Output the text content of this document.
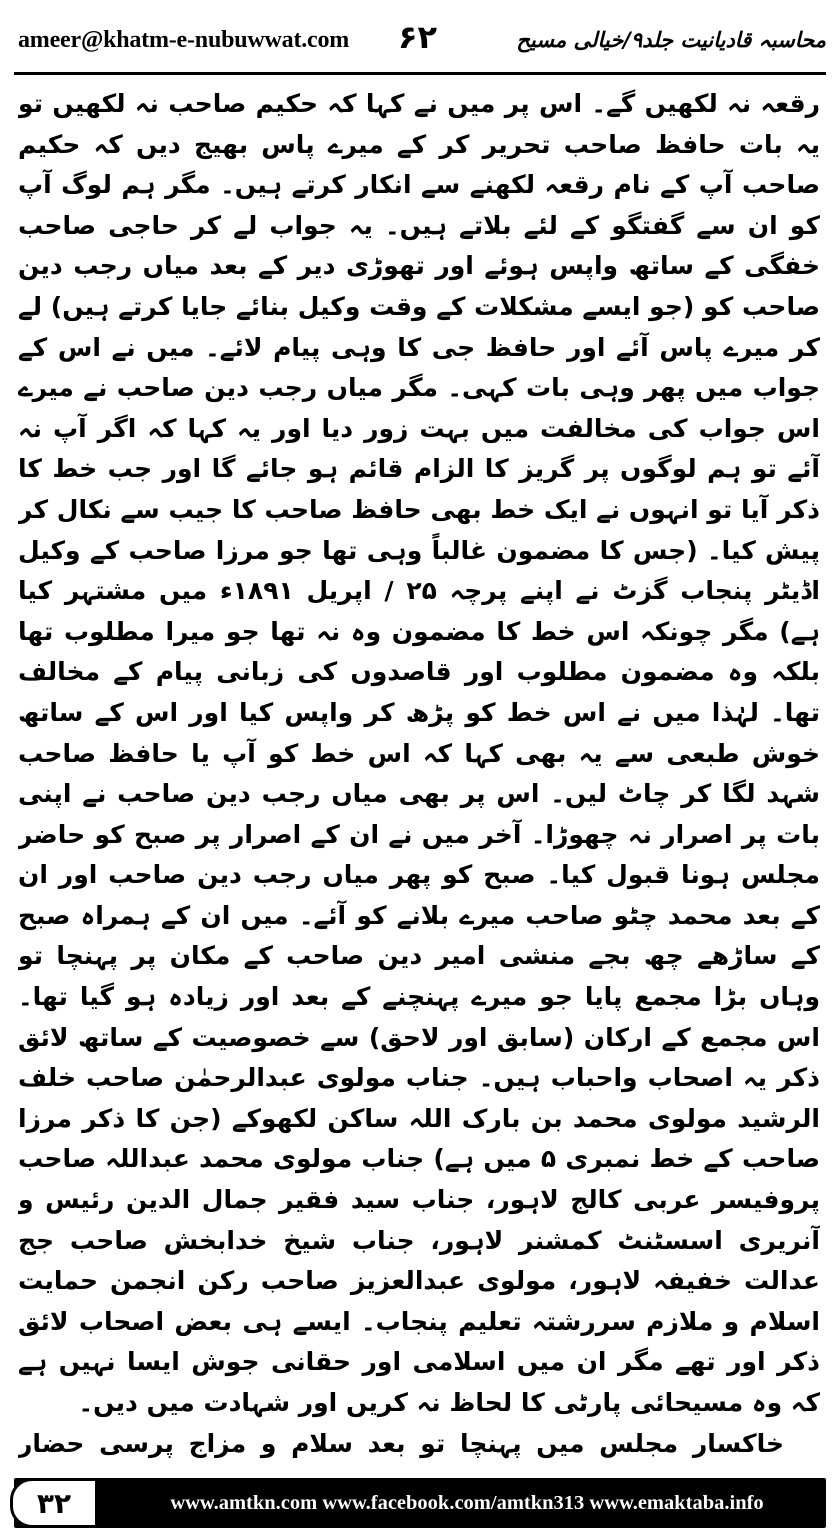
ameer@khatm-e-nubuwwat.com ۶۲	محاسبہ قادیانیت جلد۹/خیالی مسیح

رقعہ نہ لکھیں گے۔ اس پر میں نے کہا کہ حکیم صاحب نہ لکھیں تو یہ بات حافظ صاحب تحریر کر کے میرے پاس بھیج دیں کہ حکیم صاحب آپ کے نام رقعہ لکھنے سے انکار کرتے ہیں۔ مگر ہم لوگ آپ کو ان سے گفتگو کے لئے بلاتے ہیں۔ یہ جواب لے کر حاجی صاحب خفگی کے ساتھ واپس ہوئے اور تھوڑی دیر کے بعد میاں رجب دین صاحب کو (جو ایسے مشکلات کے وقت وکیل بنائے جایا کرتے ہیں) لے کر میرے پاس آئے اور حافظ جی کا وہی پیام لائے۔ میں نے اس کے جواب میں پھر وہی بات کہی۔ مگر میاں رجب دین صاحب نے میرے اس جواب کی مخالفت میں بہت زور دیا اور یہ کہا کہ اگر آپ نہ آئے تو ہم لوگوں پر گریز کا الزام قائم ہو جائے گا اور جب خط کا ذکر آیا تو انہوں نے ایک خط بھی حافظ صاحب کا جیب سے نکال کر پیش کیا۔ (جس کا مضمون غالباً وہی تھا جو مرزا صاحب کے وکیل اڈیٹر پنجاب گزٹ نے اپنے پرچہ ۲۵ / اپریل ۱۸۹۱ء میں مشتہر کیا ہے) مگر چونکہ اس خط کا مضمون وہ نہ تھا جو میرا مطلوب تھا بلکہ وہ مضمون مطلوب اور قاصدوں کی زبانی پیام کے مخالف تھا۔ لہٰذا میں نے اس خط کو پڑھ کر واپس کیا اور اس کے ساتھ خوش طبعی سے یہ بھی کہا کہ اس خط کو آپ یا حافظ صاحب شہد لگا کر چاٹ لیں۔ اس پر بھی میاں رجب دین صاحب نے اپنی بات پر اصرار نہ چھوڑا۔ آخر میں نے ان کے اصرار پر صبح کو حاضر مجلس ہونا قبول کیا۔ صبح کو پھر میاں رجب دین صاحب اور ان کے بعد محمد چٹو صاحب میرے بلانے کو آئے۔ میں ان کے ہمراہ صبح کے ساڑھے چھ بجے منشی امیر دین صاحب کے مکان پر پہنچا تو وہاں بڑا مجمع پایا جو میرے پہنچنے کے بعد اور زیادہ ہو گیا تھا۔ اس مجمع کے ارکان (سابق اور لاحق) سے خصوصیت کے ساتھ لائق ذکر یہ اصحاب واحباب ہیں۔ جناب مولوی عبدالرحمٰن صاحب خلف الرشید مولوی محمد بن بارک اللہ ساکن لکھوکے (جن کا ذکر مرزا صاحب کے خط نمبری ۵ میں ہے) جناب مولوی محمد عبداللہ صاحب پروفیسر عربی کالج لاہور، جناب سید فقیر جمال الدین رئیس و آنریری اسسٹنٹ کمشنر لاہور، جناب شیخ خدابخش صاحب جج عدالت خفیفہ لاہور، مولوی عبدالعزیز صاحب رکن انجمن حمایت اسلام و ملازم سررشتہ تعلیم پنجاب۔ ایسے ہی بعض اصحاب لائق ذکر اور تھے مگر ان میں اسلامی اور حقانی جوش ایسا نہیں ہے کہ وہ مسیحائی پارٹی کا لحاظ نہ کریں اور شہادت میں دیں۔

خاکسار مجلس میں پہنچا تو بعد سلام و مزاج پرسی حضار

۳۲	www.amtkn.com www.facebook.com/amtkn313 www.emaktaba.info
